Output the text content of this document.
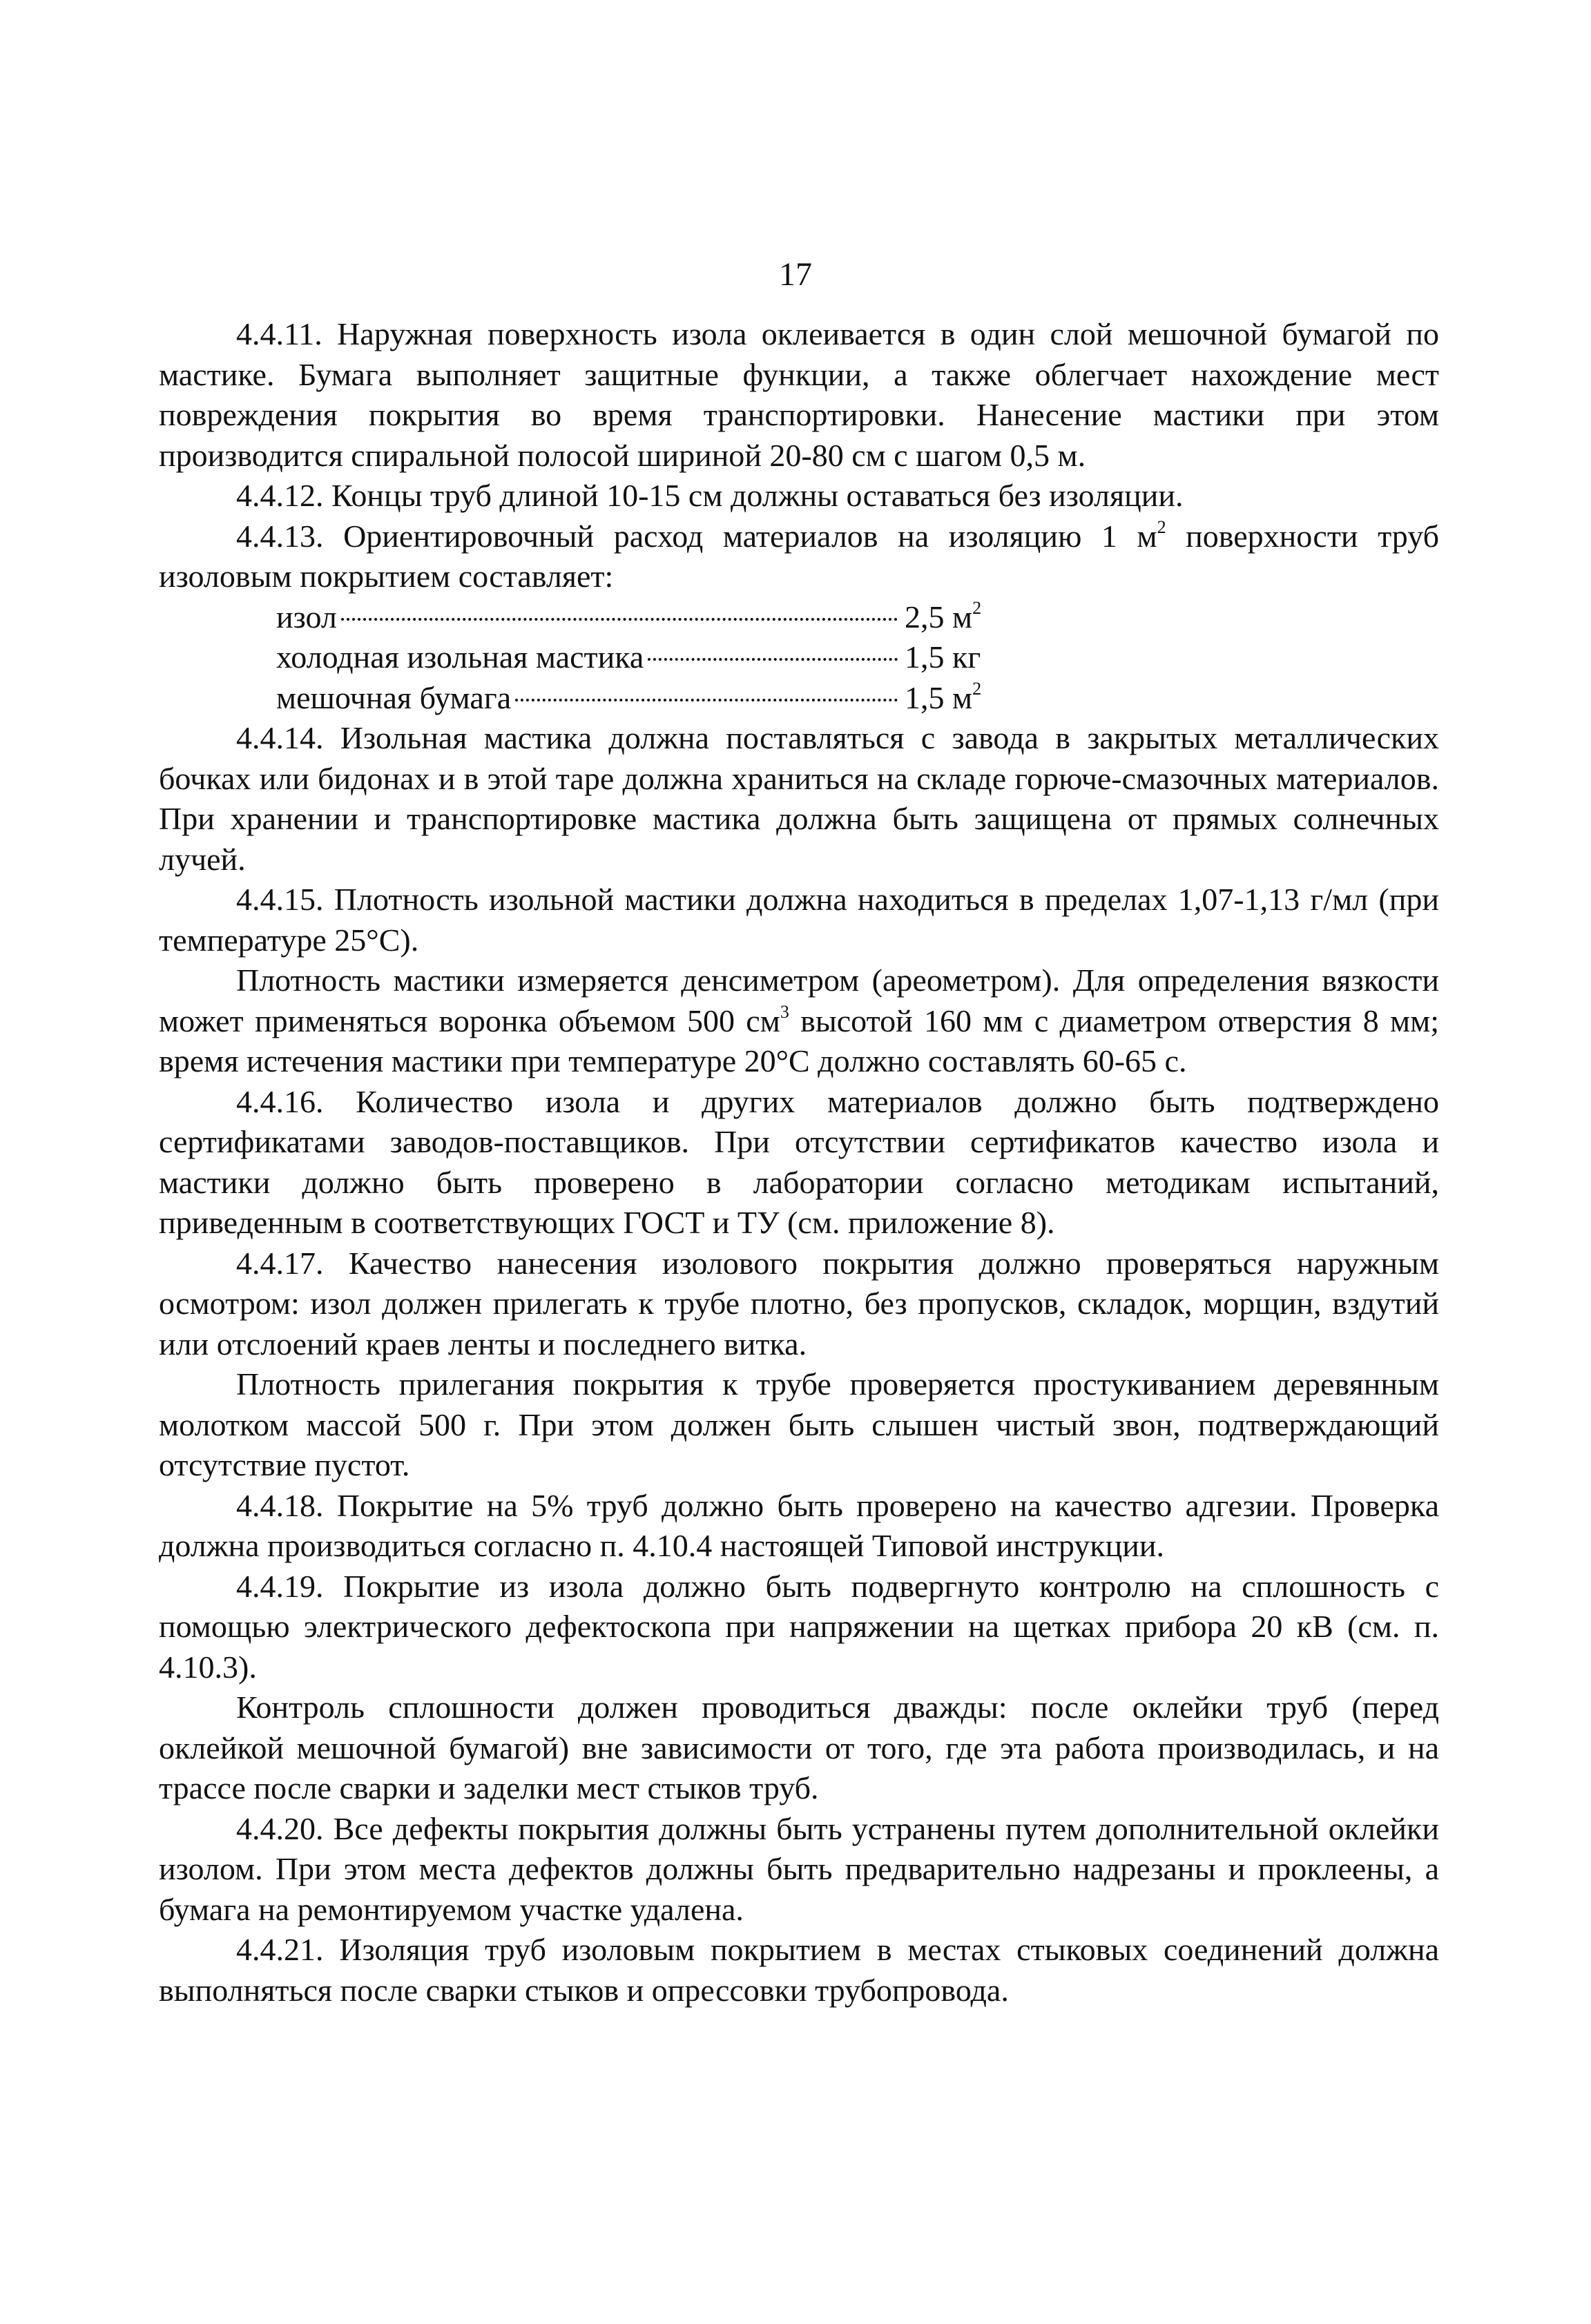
17

4.4.11. Наружная поверхность изола оклеивается в один слой мешочной бумагой по мастике. Бумага выполняет защитные функции, а также облегчает нахождение мест повреждения покрытия во время транспортировки. Нанесение мастики при этом производится спиральной полосой шириной 20-80 см с шагом 0,5 м.

4.4.12. Концы труб длиной 10-15 см должны оставаться без изоляции.

4.4.13. Ориентировочный расход материалов на изоляцию 1 $м^2$ поверхности труб изоловым покрытием составляет:

изол	2,5 $м^2$
холодная изольная мастика	1,5 кг
мешочная бумага	1,5 $м^2$

4.4.14. Изольная мастика должна поставляться с завода в закрытых металлических бочках или бидонах и в этой таре должна храниться на складе горюче-смазочных материалов. При хранении и транспортировке мастика должна быть защищена от прямых солнечных лучей.

4.4.15. Плотность изольной мастики должна находиться в пределах 1,07-1,13 г/мл (при температуре 25°С).

Плотность мастики измеряется денсиметром (ареометром). Для определения вязкости может применяться воронка объемом 500 $см^3$ высотой 160 мм с диаметром отверстия 8 мм; время истечения мастики при температуре 20°С должно составлять 60-65 с.

4.4.16. Количество изола и других материалов должно быть подтверждено сертификатами заводов-поставщиков. При отсутствии сертификатов качество изола и мастики должно быть проверено в лаборатории согласно методикам испытаний, приведенным в соответствующих ГОСТ и ТУ (см. приложение 8).

4.4.17. Качество нанесения изолового покрытия должно проверяться наружным осмотром: изол должен прилегать к трубе плотно, без пропусков, складок, морщин, вздутий или отслоений краев ленты и последнего витка.

Плотность прилегания покрытия к трубе проверяется простукиванием деревянным молотком массой 500 г. При этом должен быть слышен чистый звон, подтверждающий отсутствие пустот.

4.4.18. Покрытие на 5% труб должно быть проверено на качество адгезии. Проверка должна производиться согласно п. 4.10.4 настоящей Типовой инструкции.

4.4.19. Покрытие из изола должно быть подвергнуто контролю на сплошность с помощью электрического дефектоскопа при напряжении на щетках прибора 20 кВ (см. п. 4.10.3).

Контроль сплошности должен проводиться дважды: после оклейки труб (перед оклейкой мешочной бумагой) вне зависимости от того, где эта работа производилась, и на трассе после сварки и заделки мест стыков труб.

4.4.20. Все дефекты покрытия должны быть устранены путем дополнительной оклейки изолом. При этом места дефектов должны быть предварительно надрезаны и проклеены, а бумага на ремонтируемом участке удалена.

4.4.21. Изоляция труб изоловым покрытием в местах стыковых соединений должна выполняться после сварки стыков и опрессовки трубопровода.
